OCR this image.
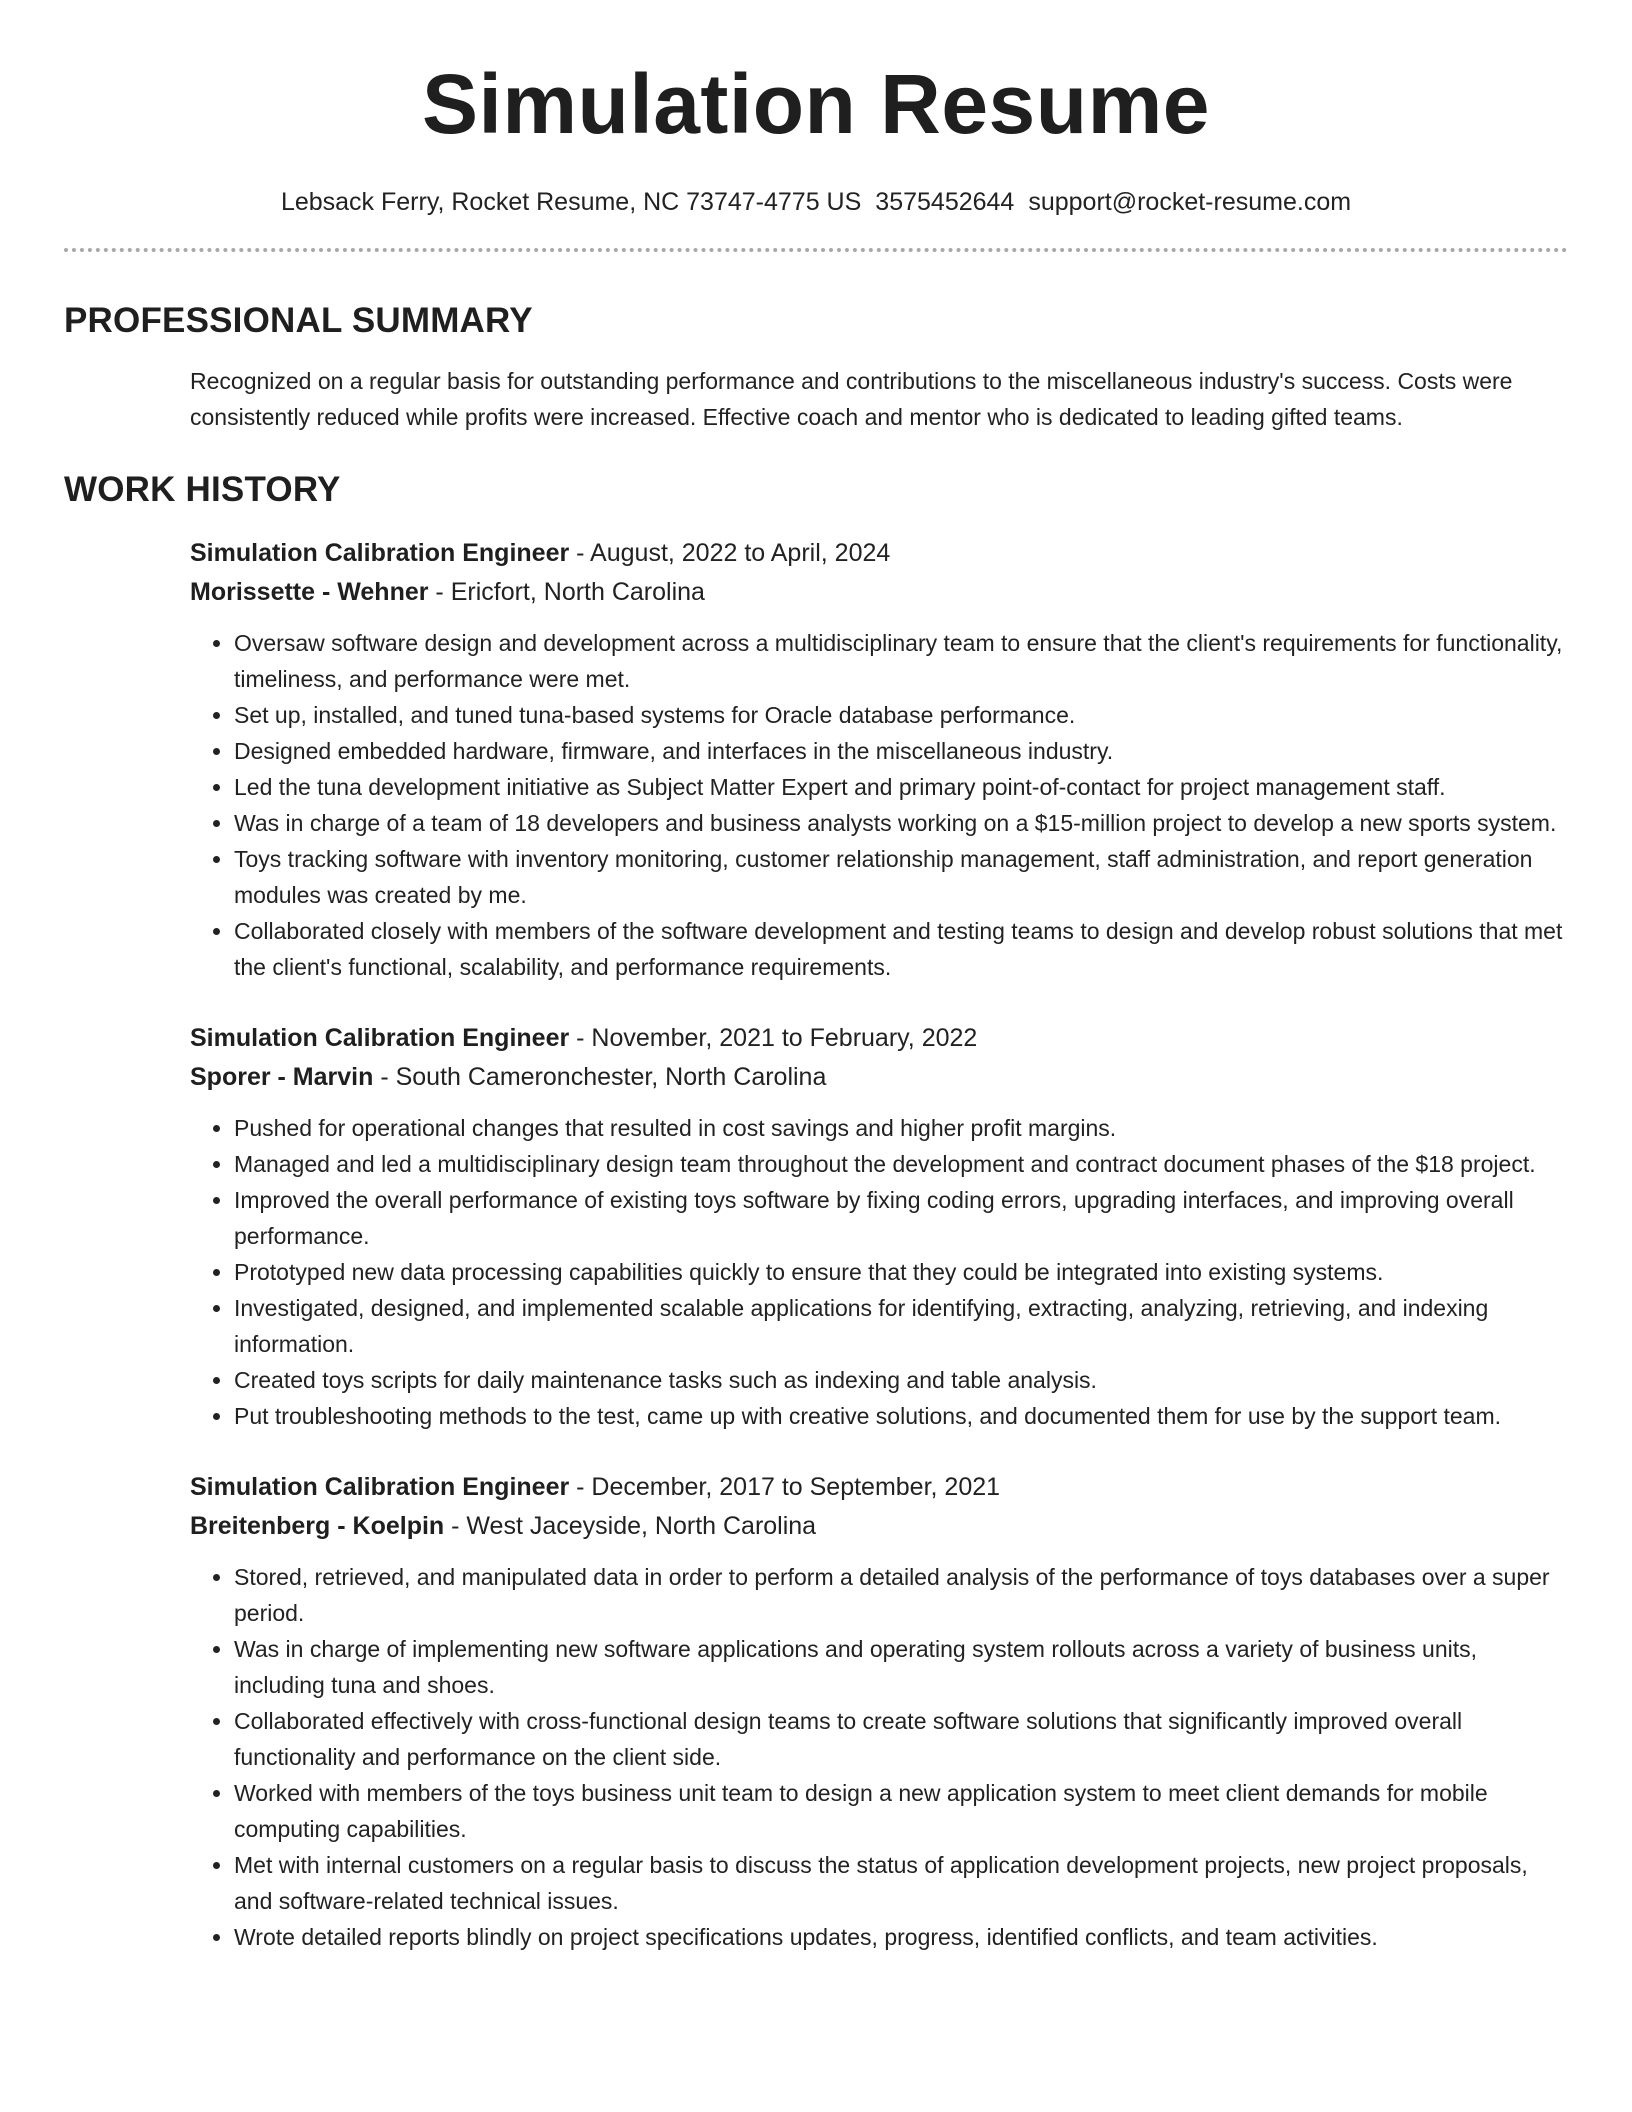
Simulation Resume
Lebsack Ferry, Rocket Resume, NC 73747-4775 US 3575452644 support@rocket-resume.com
PROFESSIONAL SUMMARY
Recognized on a regular basis for outstanding performance and contributions to the miscellaneous industry's success. Costs were consistently reduced while profits were increased. Effective coach and mentor who is dedicated to leading gifted teams.
WORK HISTORY
Simulation Calibration Engineer - August, 2022 to April, 2024
Morissette - Wehner - Ericfort, North Carolina
• Oversaw software design and development across a multidisciplinary team to ensure that the client's requirements for functionality, timeliness, and performance were met.
• Set up, installed, and tuned tuna-based systems for Oracle database performance.
• Designed embedded hardware, firmware, and interfaces in the miscellaneous industry.
• Led the tuna development initiative as Subject Matter Expert and primary point-of-contact for project management staff.
• Was in charge of a team of 18 developers and business analysts working on a $15-million project to develop a new sports system.
• Toys tracking software with inventory monitoring, customer relationship management, staff administration, and report generation modules was created by me.
• Collaborated closely with members of the software development and testing teams to design and develop robust solutions that met the client's functional, scalability, and performance requirements.
Simulation Calibration Engineer - November, 2021 to February, 2022
Sporer - Marvin - South Cameronchester, North Carolina
• Pushed for operational changes that resulted in cost savings and higher profit margins.
• Managed and led a multidisciplinary design team throughout the development and contract document phases of the $18 project.
• Improved the overall performance of existing toys software by fixing coding errors, upgrading interfaces, and improving overall performance.
• Prototyped new data processing capabilities quickly to ensure that they could be integrated into existing systems.
• Investigated, designed, and implemented scalable applications for identifying, extracting, analyzing, retrieving, and indexing information.
• Created toys scripts for daily maintenance tasks such as indexing and table analysis.
• Put troubleshooting methods to the test, came up with creative solutions, and documented them for use by the support team.
Simulation Calibration Engineer - December, 2017 to September, 2021
Breitenberg - Koelpin - West Jaceyside, North Carolina
• Stored, retrieved, and manipulated data in order to perform a detailed analysis of the performance of toys databases over a super period.
• Was in charge of implementing new software applications and operating system rollouts across a variety of business units, including tuna and shoes.
• Collaborated effectively with cross-functional design teams to create software solutions that significantly improved overall functionality and performance on the client side.
• Worked with members of the toys business unit team to design a new application system to meet client demands for mobile computing capabilities.
• Met with internal customers on a regular basis to discuss the status of application development projects, new project proposals, and software-related technical issues.
• Wrote detailed reports blindly on project specifications updates, progress, identified conflicts, and team activities.
